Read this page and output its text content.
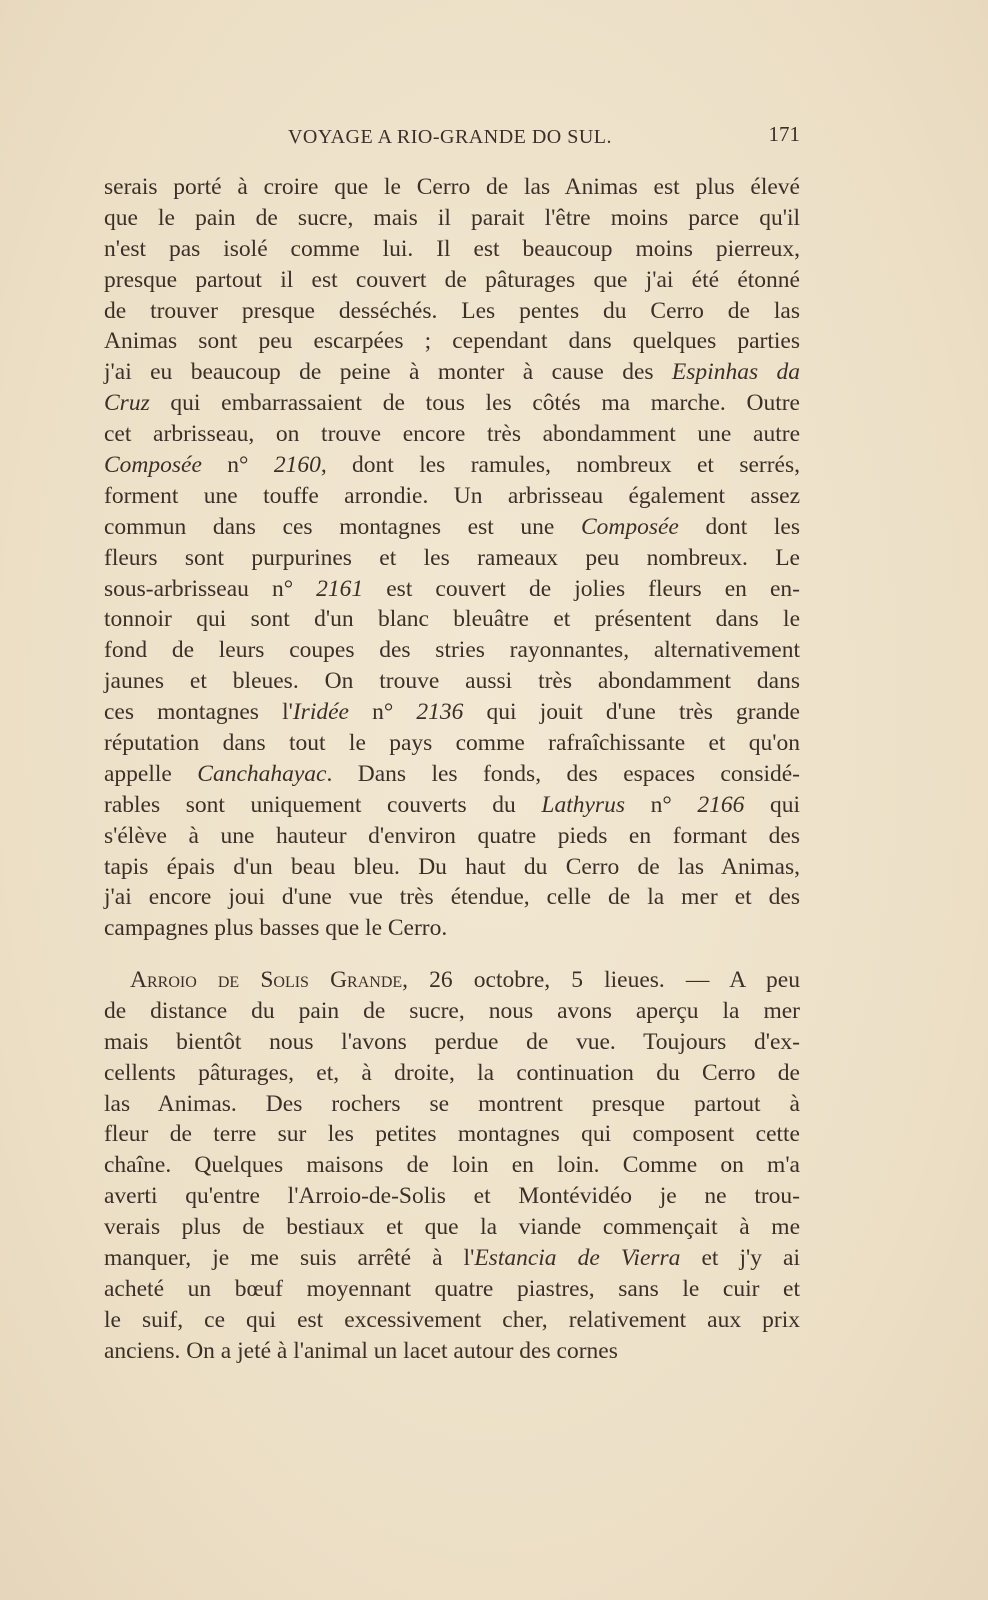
VOYAGE A RIO-GRANDE DO SUL.	171
serais porté à croire que le Cerro de las Animas est plus élevé
que le pain de sucre, mais il parait l'être moins parce qu'il
n'est pas isolé comme lui. Il est beaucoup moins pierreux,
presque partout il est couvert de pâturages que j'ai été étonné
de trouver presque desséchés. Les pentes du Cerro de las
Animas sont peu escarpées ; cependant dans quelques parties
j'ai eu beaucoup de peine à monter à cause des Espinhas da
Cruz qui embarrassaient de tous les côtés ma marche. Outre
cet arbrisseau, on trouve encore très abondamment une autre
Composée n° 2160, dont les ramules, nombreux et serrés,
forment une touffe arrondie. Un arbrisseau également assez
commun dans ces montagnes est une Composée dont les
fleurs sont purpurines et les rameaux peu nombreux. Le
sous-arbrisseau n° 2161 est couvert de jolies fleurs en en-
tonnoir qui sont d'un blanc bleuâtre et présentent dans le
fond de leurs coupes des stries rayonnantes, alternativement
jaunes et bleues. On trouve aussi très abondamment dans
ces montagnes l'Iridée n° 2136 qui jouit d'une très grande
réputation dans tout le pays comme rafraîchissante et qu'on
appelle Canchahayac. Dans les fonds, des espaces considé-
rables sont uniquement couverts du Lathyrus n° 2166 qui
s'élève à une hauteur d'environ quatre pieds en formant des
tapis épais d'un beau bleu. Du haut du Cerro de las Animas,
j'ai encore joui d'une vue très étendue, celle de la mer et des
campagnes plus basses que le Cerro.
Arroio de Solis Grande, 26 octobre, 5 lieues. — A peu
de distance du pain de sucre, nous avons aperçu la mer
mais bientôt nous l'avons perdue de vue. Toujours d'ex-
cellents pâturages, et, à droite, la continuation du Cerro de
las Animas. Des rochers se montrent presque partout à
fleur de terre sur les petites montagnes qui composent cette
chaîne. Quelques maisons de loin en loin. Comme on m'a
averti qu'entre l'Arroio-de-Solis et Montévidéo je ne trou-
verais plus de bestiaux et que la viande commençait à me
manquer, je me suis arrêté à l'Estancia de Vierra et j'y ai
acheté un bœuf moyennant quatre piastres, sans le cuir et
le suif, ce qui est excessivement cher, relativement aux prix
anciens. On a jeté à l'animal un lacet autour des cornes
